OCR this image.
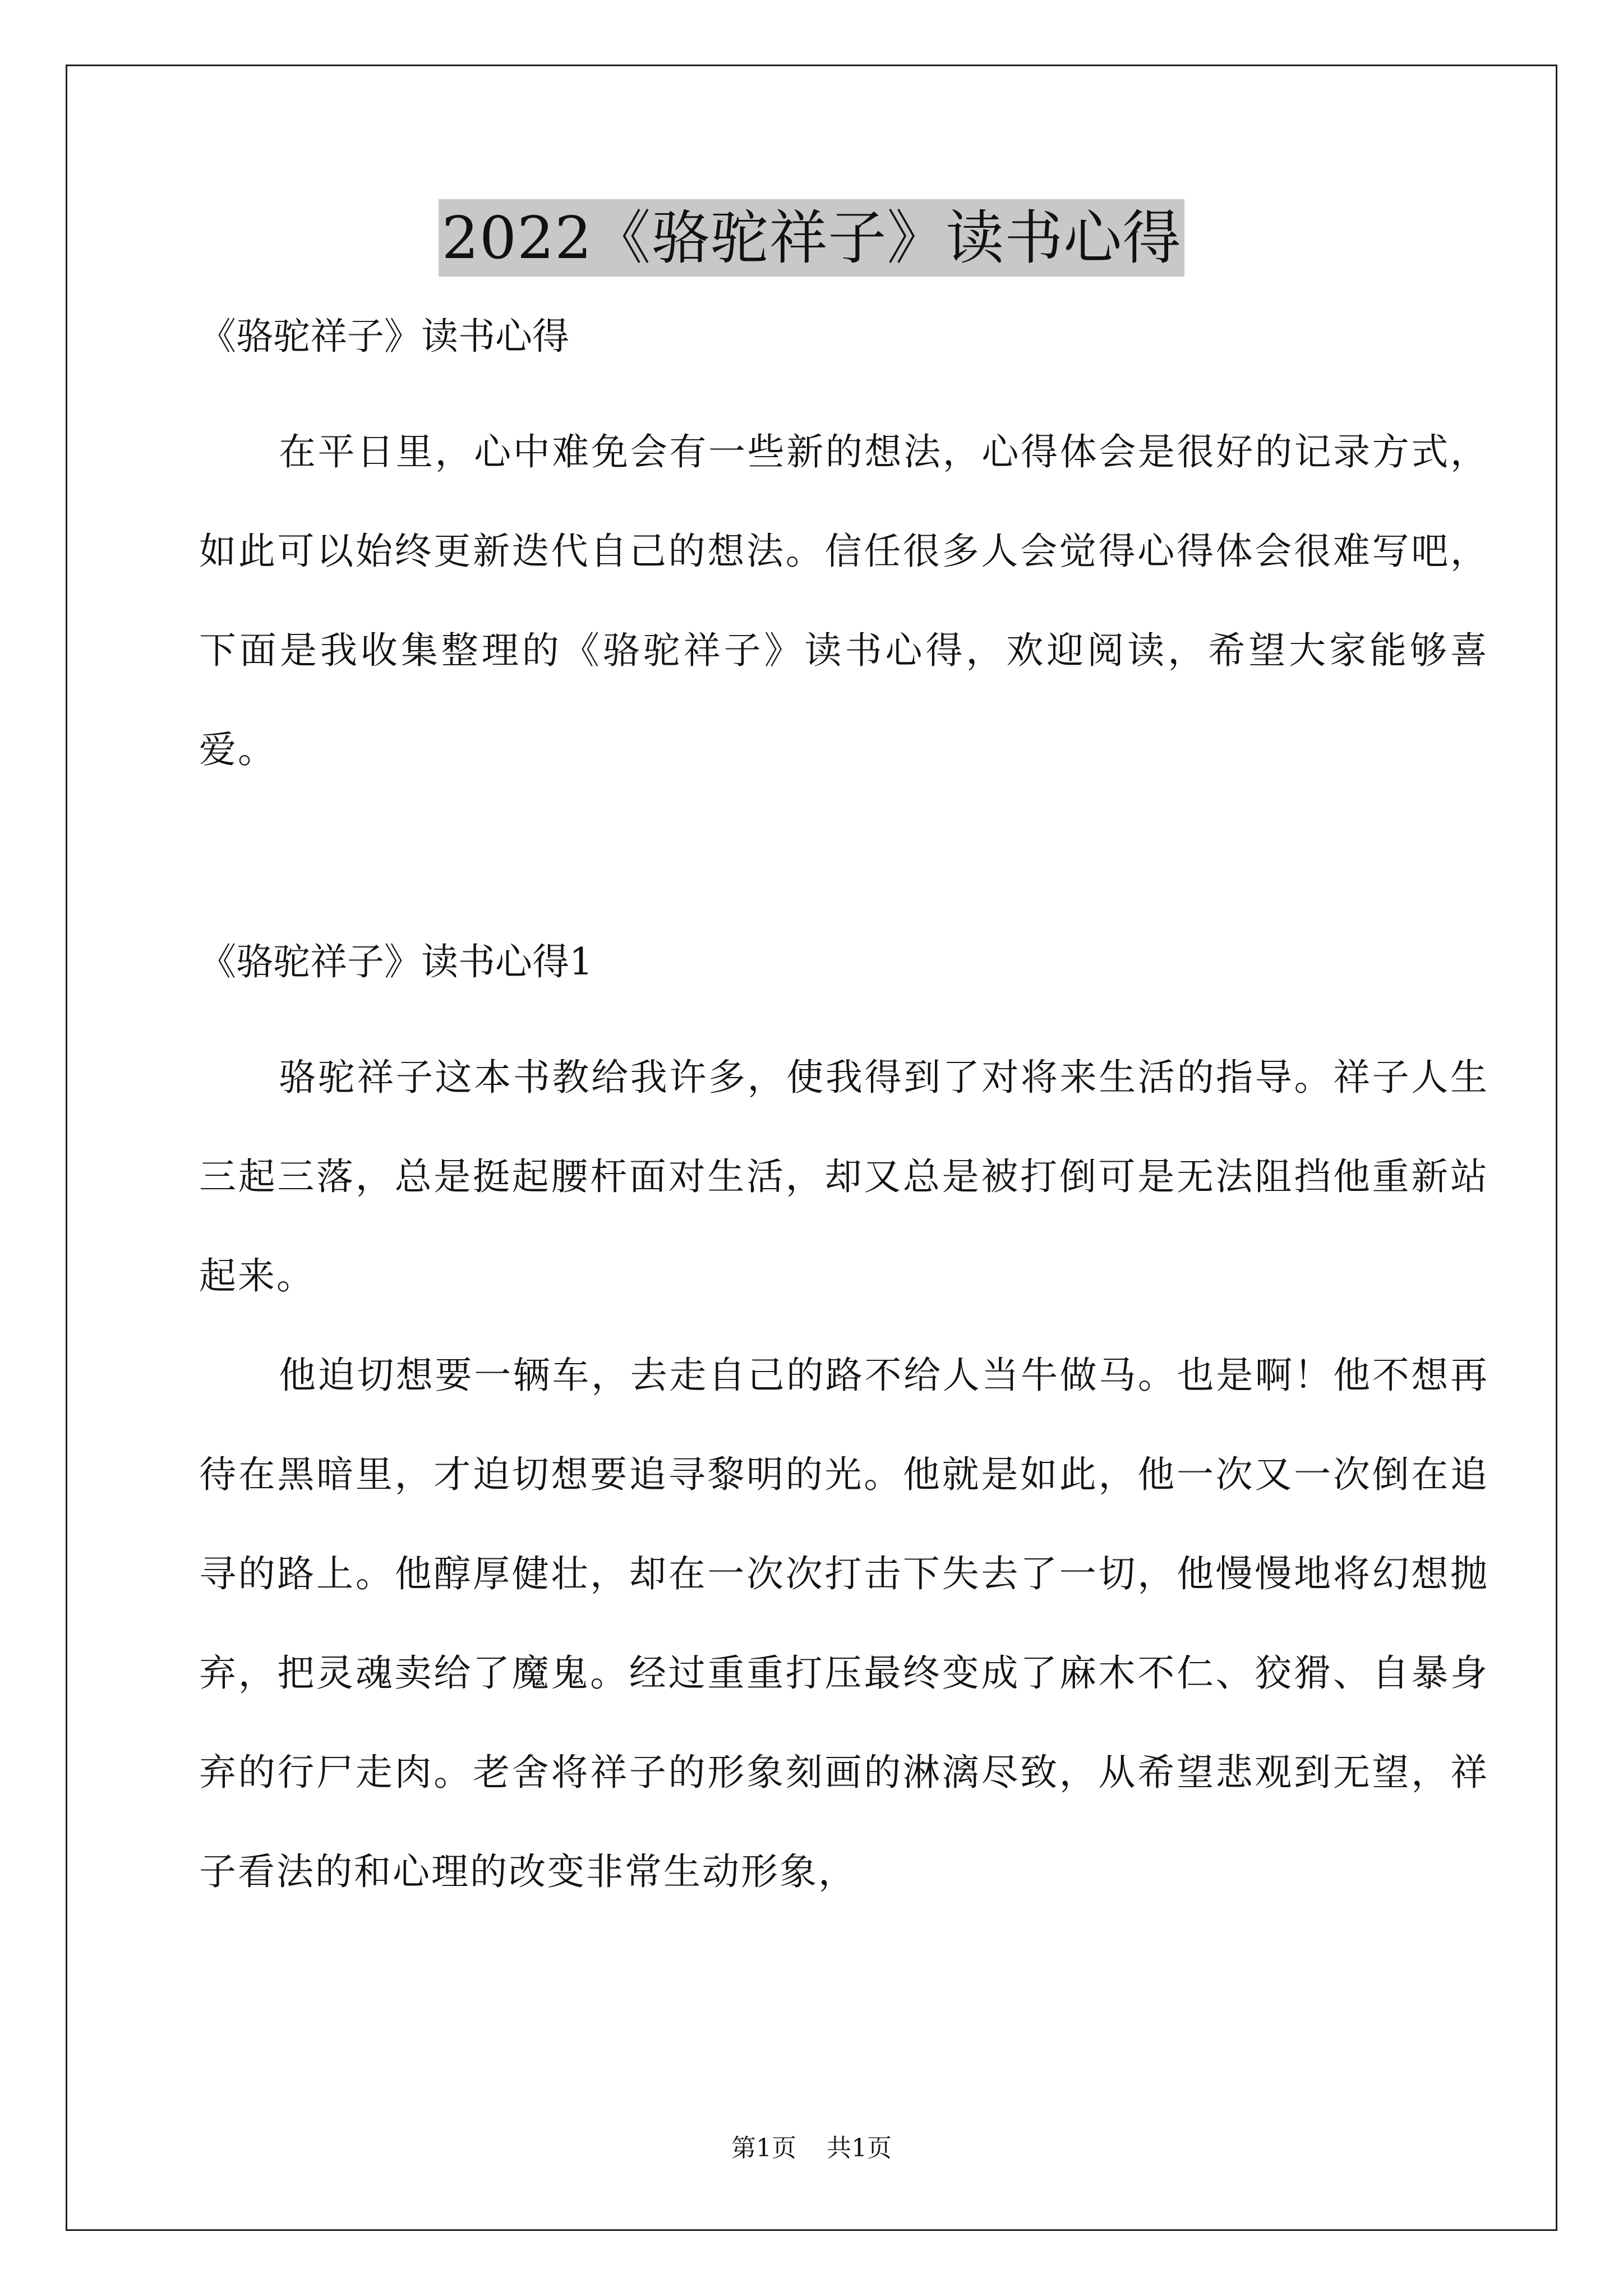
2022《骆驼祥子》读书心得

《骆驼祥子》读书心得

在平日里，心中难免会有一些新的想法，心得体会是很好的记录方式，如此可以始终更新迭代自己的想法。信任很多人会觉得心得体会很难写吧，下面是我收集整理的《骆驼祥子》读书心得，欢迎阅读，希望大家能够喜爱。

《骆驼祥子》读书心得1

骆驼祥子这本书教给我许多，使我得到了对将来生活的指导。祥子人生三起三落，总是挺起腰杆面对生活，却又总是被打倒可是无法阻挡他重新站起来。

他迫切想要一辆车，去走自己的路不给人当牛做马。也是啊！他不想再待在黑暗里，才迫切想要追寻黎明的光。他就是如此，他一次又一次倒在追寻的路上。他醇厚健壮，却在一次次打击下失去了一切，他慢慢地将幻想抛弃，把灵魂卖给了魔鬼。经过重重打压最终变成了麻木不仁、狡猾、自暴身弃的行尸走肉。老舍将祥子的形象刻画的淋漓尽致，从希望悲观到无望，祥子看法的和心理的改变非常生动形象，

第1页 共1页
